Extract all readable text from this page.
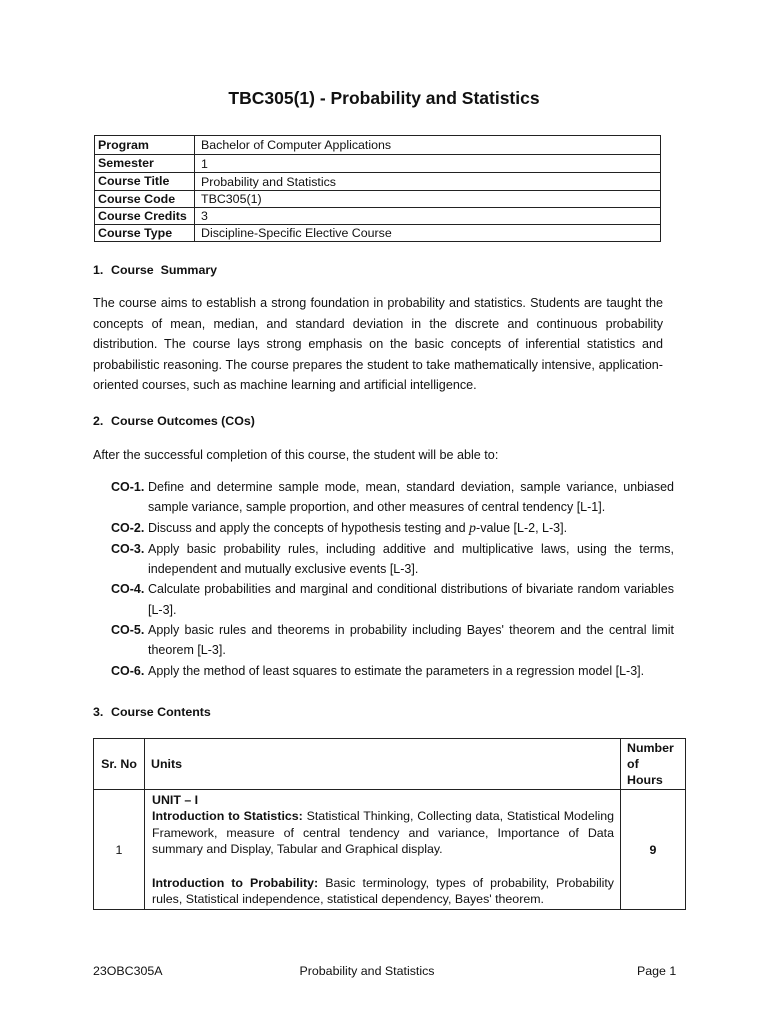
TBC305(1) - Probability and Statistics
Program	Bachelor of Computer Applications
Semester	1
Course Title	Probability and Statistics
Course Code	TBC305(1)
Course Credits	3
Course Type	Discipline-Specific Elective Course
1. Course  Summary
The course aims to establish a strong foundation in probability and statistics. Students are taught the concepts of mean, median, and standard deviation in the discrete and continuous probability distribution. The course lays strong emphasis on the basic concepts of inferential statistics and probabilistic reasoning. The course prepares the student to take mathematically intensive, application-oriented courses, such as machine learning and artificial intelligence.
2. Course Outcomes (COs)
After the successful completion of this course, the student will be able to:
CO-1. Define and determine sample mode, mean, standard deviation, sample variance, unbiased sample variance, sample proportion, and other measures of central tendency [L-1].
CO-2. Discuss and apply the concepts of hypothesis testing and p-value [L-2, L-3].
CO-3. Apply basic probability rules, including additive and multiplicative laws, using the terms, independent and mutually exclusive events [L-3].
CO-4. Calculate probabilities and marginal and conditional distributions of bivariate random variables [L-3].
CO-5. Apply basic rules and theorems in probability including Bayes' theorem and the central limit theorem [L-3].
CO-6. Apply the method of least squares to estimate the parameters in a regression model [L-3].
3. Course Contents
Sr. No	Units	Number
of
Hours

1	UNIT – I
Introduction to Statistics: Statistical Thinking, Collecting data, Statistical Modeling Framework, measure of central tendency and variance, Importance of Data summary and Display, Tabular and Graphical display.
Introduction to Probability: Basic terminology, types of probability, Probability rules, Statistical independence, statistical dependency, Bayes' theorem.	9
23OBC305A	Probability and Statistics	Page 1
